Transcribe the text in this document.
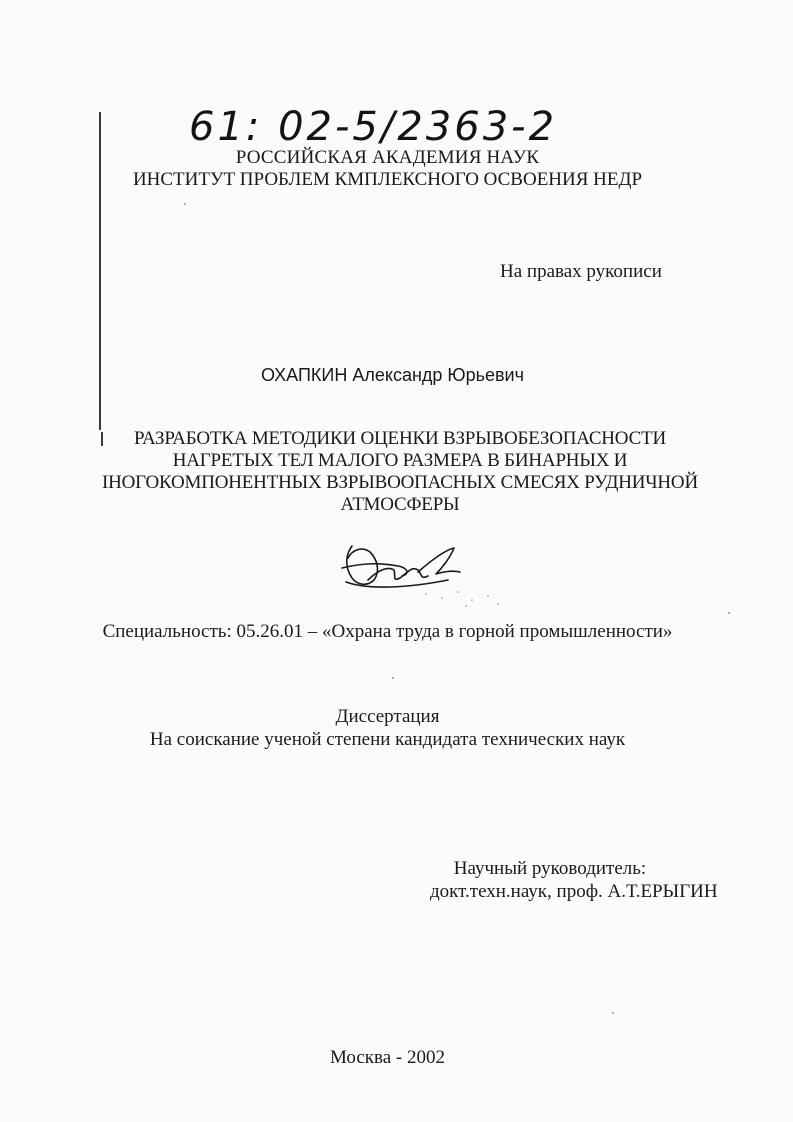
61: 02-5/2363-2
РОССИЙСКАЯ АКАДЕМИЯ НАУК
ИНСТИТУТ ПРОБЛЕМ КМПЛЕКСНОГО ОСВОЕНИЯ НЕДР
На правах рукописи
ОХАПКИН Александр Юрьевич
РАЗРАБОТКА МЕТОДИКИ ОЦЕНКИ ВЗРЫВОБЕЗОПАСНОСТИ
НАГРЕТЫХ ТЕЛ МАЛОГО РАЗМЕРА В БИНАРНЫХ И
ІНОГОКОМПОНЕНТНЫХ ВЗРЫВООПАСНЫХ СМЕСЯХ РУДНИЧНОЙ
АТМОСФЕРЫ
Специальность: 05.26.01 – «Охрана труда в горной промышленности»
Диссертация
На соискание ученой степени кандидата технических наук
Научный руководитель:
докт.техн.наук, проф. А.Т.ЕРЫГИН
Москва - 2002
